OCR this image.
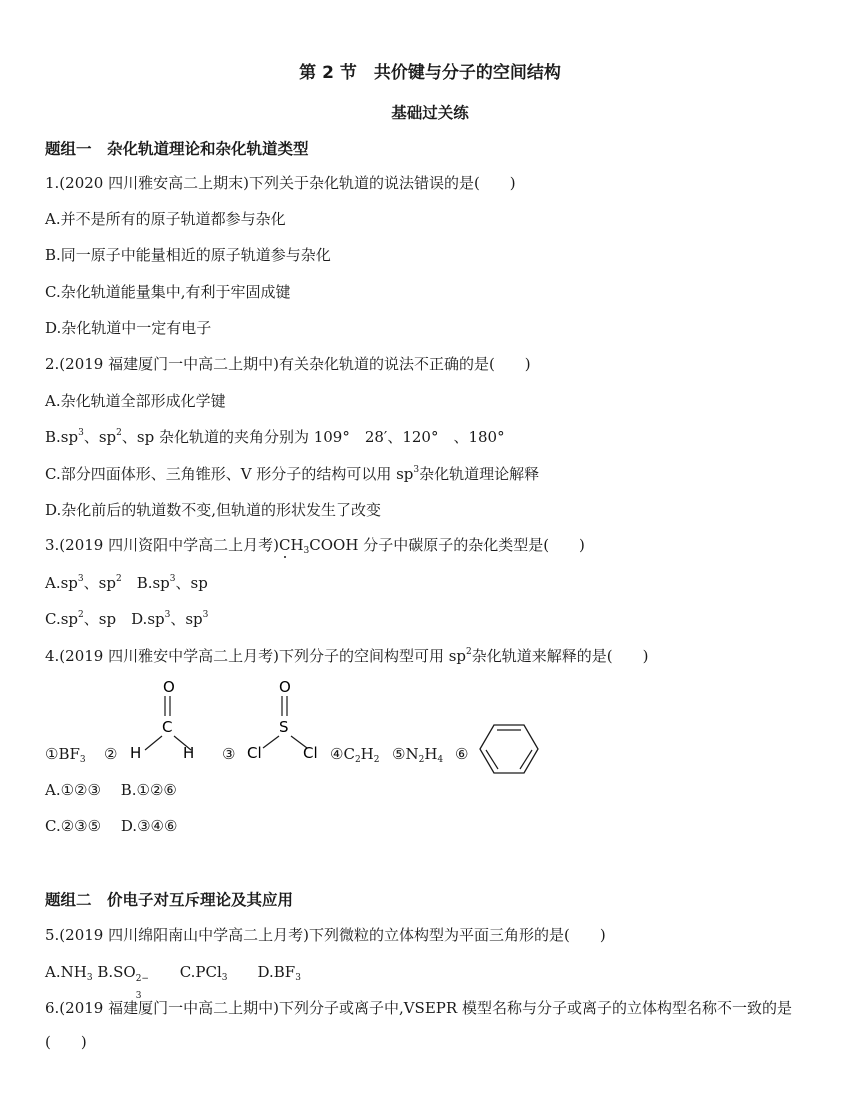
第 2 节　共价键与分子的空间结构
基础过关练
题组一　杂化轨道理论和杂化轨道类型
1.(2020 四川雅安高二上期末)下列关于杂化轨道的说法错误的是(　　)
A.并不是所有的原子轨道都参与杂化
B.同一原子中能量相近的原子轨道参与杂化
C.杂化轨道能量集中,有利于牢固成键
D.杂化轨道中一定有电子
2.(2019 福建厦门一中高二上期中)有关杂化轨道的说法不正确的是(　　)
A.杂化轨道全部形成化学键
$B.sp^3$、$sp^2$、sp 杂化轨道的夹角分别为 109°　28′、120°　、180°
C.部分四面体形、三角锥形、V 形分子的结构可以用 $sp^3$杂化轨道理论解释
D.杂化前后的轨道数不变,但轨道的形状发生了改变
3.(2019 四川资阳中学高二上月考)$CH_3COOH$ 分子中碳原子的杂化类型是(　　)
$A.sp^3$、$sp^2$　$B.sp^3$、sp
$C.sp^2$、sp　$D.sp^3$、$sp^3$
4.(2019 四川雅安中学高二上月考)下列分子的空间构型可用 $sp^2$杂化轨道来解释的是(　　)
$①BF_3$ ②
O
C
H	H ③
O
S
Cl	Cl $④C_2H_2$ $⑤N_2H_4$ ⑥
A.①②③　 B.①②⑥
C.②③⑤　 D.③④⑥
题组二　价电子对互斥理论及其应用
5.(2019 四川绵阳南山中学高二上月考)下列微粒的立体构型为平面三角形的是(　　)
$A.NH_3$ B.SO 2−
3
　　C.PCl$_3$　　$D.BF_3$
6.(2019 福建厦门一中高二上期中)下列分子或离子中,VSEPR 模型名称与分子或离子的立体构型名称不一致的是(　　)
